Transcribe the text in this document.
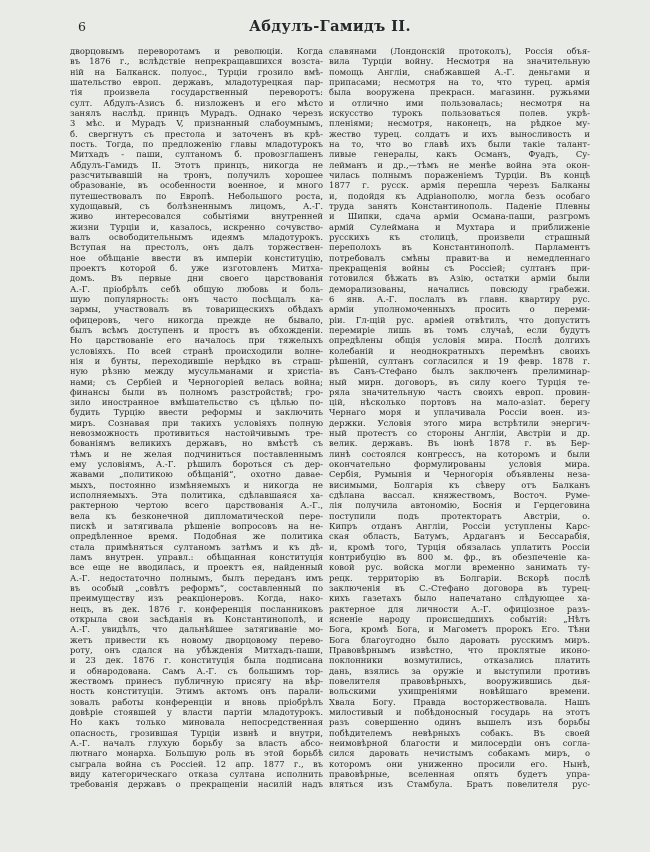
6	Абдулъ-Гамидъ II.
дворцовымъ переворотамъ и революціи. Когда
въ 1876 г., вслѣдствіе непрекращавшихся возста-
ній на Балканск. полуос., Турціи грозило вмѣ-
шательство европ. державъ, младотурецкая пар-
тія произвела государственный переворотъ:
султ. Абдулъ-Азисъ б. низложенъ и его мѣсто
занялъ наслѣд. принцъ Мурадъ. Однако черезъ
3 мѣс. и Мурадъ V, признанный слабоумнымъ,
б. свергнутъ съ престола и заточенъ въ крѣ-
пость. Тогда, по предложенію главы младотурокъ
Митхадъ - паши, султаномъ б. провозглашенъ
Абдулъ-Гамидъ II. Этотъ принцъ, никогда не
разсчитывавшій на тронъ, получилъ хорошее
образованіе, въ особенности военное, и много
путешествовалъ по Европѣ. Небольшого роста,
худощавый, съ болѣзненнымъ лицомъ, А.-Г.
живо интересовался событіями внутренней
жизни Турціи и, казалось, искренно сочувство-
валъ освободительнымъ идеямъ младотурокъ.
Вступая на престолъ, онъ далъ торжествен-
ное обѣщаніе ввести въ имперіи конституцію,
проектъ которой б. уже изготовленъ Митха-
домъ. Въ первые дни своего царствованія
А.-Г. пріобрѣлъ себѣ общую любовь и боль-
шую популярность: онъ часто посѣщалъ ка-
зармы, участвовалъ въ товарищескихъ обѣдахъ
офицеровъ, чего никогда прежде не бывало,
былъ всѣмъ доступенъ и простъ въ обхожденіи.
Но царствованіе его началось при тяжелыхъ
условіяхъ. По всей странѣ происходили волне-
нія и бунты, переходившіе нерѣдко въ страш-
ную рѣзню между мусульманами и христіа-
нами; съ Сербіей и Черногоріей велась война;
финансы были въ полномъ разстройствѣ; гро-
зило иностранное вмѣшательство съ цѣлью по-
будить Турцію ввести реформы и заключить
миръ. Сознавая при такихъ условіяхъ полную
невозможность противиться настойчивымъ тре-
бованіямъ великихъ державъ, но вмѣстѣ съ
тѣмъ и не желая подчиниться поставленнымъ
ему условіямъ, А.-Г. рѣшилъ бороться съ дер-
жавами „политикою обѣщаній“, охотно давае-
мыхъ, постоянно измѣняемыхъ и никогда не
исполняемыхъ. Эта политика, сдѣлавшаяся ха-
рактерною чертою всего царствованія А.-Г.,
вела къ безконечной дипломатической пере-
пискѣ и затягивала рѣшеніе вопросовъ на не-
опредѣленное время. Подобная же политика
стала примѣняться султаномъ затѣмъ и къ дѣ-
ламъ внутрен. управл.: обѣщанная конституція
все еще не вводилась, и проектъ ея, найденный
А.-Г. недостаточно полнымъ, былъ переданъ имъ
въ особый „совѣтъ реформъ“, составленный по
преимуществу изъ реакціонеровъ. Когда, нако-
нецъ, въ дек. 1876 г. конференція посланниковъ
открыла свои засѣданія въ Константинополѣ, и
А.-Г. увидѣлъ, что дальнѣйшее затягиваніе мо-
жетъ привести къ новому дворцовому перево-
роту, онъ сдался на убѣжденія Митхадъ-паши,
и 23 дек. 1876 г. конституція была подписана
и обнародована. Самъ А.-Г. съ большимъ тор-
жествомъ принесъ публичную присягу на вѣр-
ность конституціи. Этимъ актомъ онъ парали-
зовалъ работы конференціи и вновь пріобрѣлъ
довѣріе стоявшей у власти партіи младотурокъ.
Но какъ только миновала непосредственная
опасность, грозившая Турціи извнѣ и внутри,
А.-Г. началъ глухую борьбу за власть абсо-
лютнаго монарха. Большую роль въ этой борьбѣ
сыграла война съ Россіей. 12 апр. 1877 г., въ
виду категорическаго отказа султана исполнить
требованія державъ о прекращеніи насилій надъ
славянами (Лондонскій протоколъ), Россія объя-
вила Турціи войну. Несмотря на значительную
помощь Англіи, снабжавшей А.-Г. деньгами и
припасами; несмотря на то, что турец. армія
была вооружена прекрасн. магазинн. ружьями
и отлично ими пользовалась; несмотря на
искусство турокъ пользоваться полев. укрѣ-
пленіями; несмотря, наконецъ, на рѣдкое му-
жество турец. солдатъ и ихъ выносливость и
на то, что во главѣ ихъ были такіе талант-
ливые генералы, какъ Османъ, Фуадъ, Су-
лейманъ и др.,—тѣмъ не менѣе война эта окон-
чилась полнымъ пораженіемъ Турціи. Въ концѣ
1877 г. русск. армія перешла черезъ Балканы
и, подойдя къ Адріанополю, могла безъ особаго
труда занять Константинополь. Паденіе Плевны
и Шипки, сдача арміи Османа-паши, разгромъ
армій Сулеймана и Мухтара и приближеніе
русскихъ къ столицѣ, произвели страшный
переполохъ въ Константинополѣ. Парламентъ
потребовалъ смѣны правит-ва и немедленнаго
прекращенія войны съ Россіей; султанъ при-
готовился бѣжать въ Азію, остатки арміи были
деморализованы, начались повсюду грабежи.
6 янв. А.-Г. послалъ въ главн. квартиру рус.
арміи уполномоченныхъ просить о переми-
ріи. Гл-щій рус. арміей отвѣтилъ, что допуститъ
перемиріе лишь въ томъ случаѣ, если будутъ
опредѣлены общія условія мира. Послѣ долгихъ
колебаній и неоднократныхъ перемѣнъ своихъ
рѣшеній, султанъ согласился и 19 февр. 1878 г.
въ Санъ-Стефано былъ заключенъ прелиминар-
ный мирн. договоръ, въ силу коего Турція те-
ряла значительную часть своихъ европ. провин-
цій, нѣсколько портовъ на мало-азіат. берегу
Чернаго моря и уплачивала Россіи воен. из-
держки. Условія этого мира встрѣтили энергич-
ный протестъ со стороны Англіи, Австріи и др.
велик. державъ. Въ іюнѣ 1878 г. въ Бер-
линѣ состоялся конгрессъ, на которомъ и были
окончательно формулированы условія мира.
Сербія, Румынія и Черногорія объявлены неза-
висимыми, Болгарія къ сѣверу отъ Балканъ
сдѣлана вассал. княжествомъ, Восточ. Руме-
лія получила автономію, Боснія и Герцеговина
поступили подъ протекторатъ Австріи, о.
Кипръ отданъ Англіи, Россіи уступлены Карс-
ская область, Батумъ, Ардаганъ и Бессарабія,
и, кромѣ того, Турція обязалась уплатить Россіи
контрибуцію въ 800 м. фр., въ обезпеченіе ка-
ковой рус. войска могли временно занимать ту-
рецк. территорію въ Болгаріи. Вскорѣ послѣ
заключенія въ С.-Стефано договора въ турец-
кихъ газетахъ было напечатано слѣдующее ха-
рактерное для личности А.-Г. офиціозное разъ-
ясненіе народу происшедшихъ событій: „Нѣтъ
Бога, кромѣ Бога, и Магометъ пророкъ Его. Тѣни
Бога благоугодно было даровать русскимъ миръ.
Правовѣрнымъ извѣстно, что проклятые иконо-
поклонники возмутились, отказались платить
дань, взялись за оружіе и выступили противъ
повелителя правовѣрныхъ, вооружившись дья-
вольскими ухищреніями новѣйшаго времени.
Хвала Богу. Правда восторжествовала. Нашъ
милостивый и побѣдоносный государь на этотъ
разъ совершенно одинъ вышелъ изъ борьбы
побѣдителемъ невѣрныхъ собакъ. Въ своей
неимовѣрной благости и милосердіи онъ согла-
сился даровать нечистымъ собакамъ миръ, о
которомъ они униженно просили его. Нынѣ,
правовѣрные, вселенная опять будетъ упра-
вляться изъ Стамбула. Братъ повелителя рус-
